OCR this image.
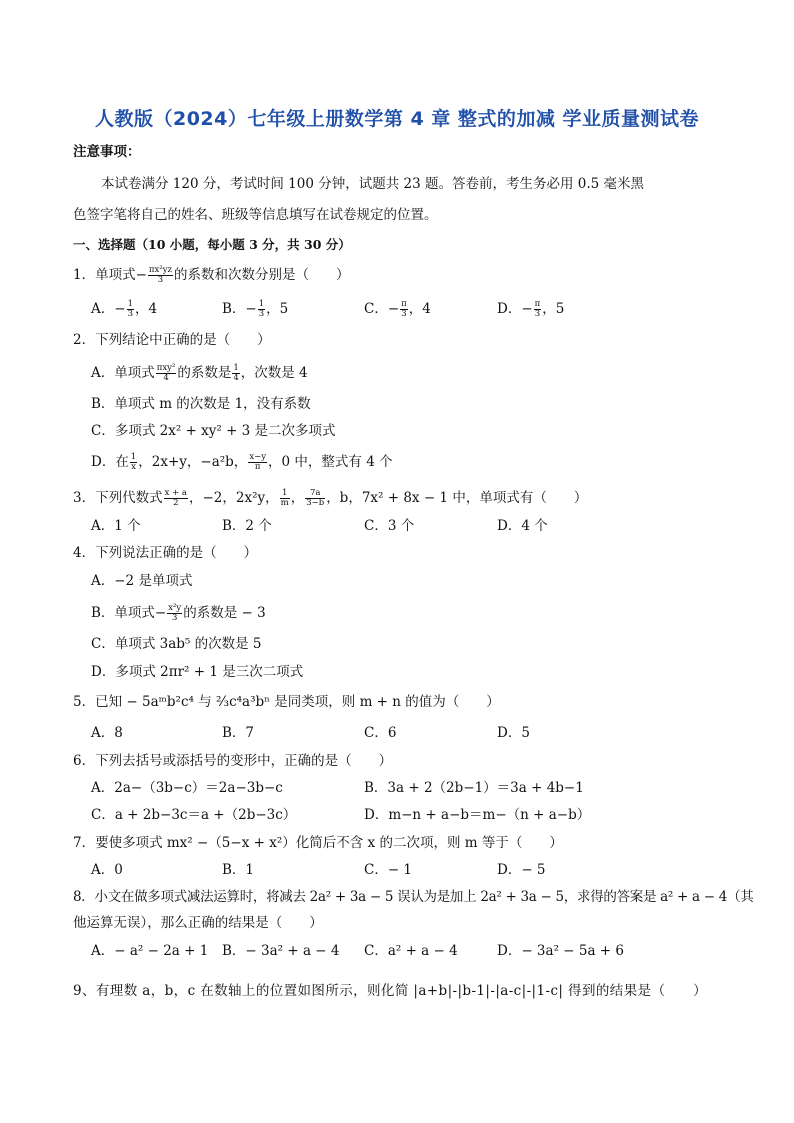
人教版（2024）七年级上册数学第 4 章 整式的加减 学业质量测试卷
注意事项：
本试卷满分 120 分，考试时间 100 分钟，试题共 23 题。答卷前，考生务必用 0.5 毫米黑
色签字笔将自己的姓名、班级等信息填写在试卷规定的位置。
一、选择题（10 小题，每小题 3 分，共 30 分）
1．单项式− $\frac{\text{πx²yz}}{3}$ 的系数和次数分别是（　　）
A．− $\frac{1}{3}$ ，4	B．− $\frac{1}{3}$ ，5	C．− $\frac{\pi}{3}$ ，4	D．− $\frac{\pi}{3}$ ，5
2．下列结论中正确的是（　　）
A．单项式 $\frac{\text{πxy²}}{4}$ 的系数是 $\frac{1}{4}$ ，次数是 4
B．单项式 m 的次数是 1，没有系数
C．多项式 2x² + xy² + 3 是二次多项式
D．在 $\frac{1}{x}$ ，2x+y，−a²b， $\frac{x-y}{\pi}$ ，0 中，整式有 4 个
3．下列代数式 $\frac{x + a}{2}$ ，−2，2x²y， $\frac{1}{m}$ ， $\frac{7a}{3-b}$ ，b，7x² + 8x − 1 中，单项式有（　　）
A．1 个	B．2 个	C．3 个	D．4 个
4．下列说法正确的是（　　）
A．−2 是单项式
B．单项式− $\frac{\text{x²y}}{3}$ 的系数是 − 3
C．单项式 3ab⁵ 的次数是 5
D．多项式 2πr² + 1 是三次二项式
5．已知 − 5aᵐb²c⁴ 与 ²⁄₃c⁴a³bⁿ 是同类项，则 m + n 的值为（　　）
A．8	B．7	C．6	D．5
6．下列去括号或添括号的变形中，正确的是（　　）
A．2a−（3b−c）＝2a−3b−c	B．3a + 2（2b−1）＝3a + 4b−1
C．a + 2b−3c＝a +（2b−3c）	D．m−n + a−b＝m−（n + a−b）
7．要使多项式 mx² −（5−x + x²）化简后不含 x 的二次项，则 m 等于（　　）
A．0	B．1	C．− 1	D．− 5
8．小文在做多项式减法运算时，将减去 2a² + 3a − 5 误认为是加上 2a² + 3a − 5，求得的答案是 a² + a − 4（其
他运算无误），那么正确的结果是（　　）
A．− a² − 2a + 1 B．− 3a² + a − 4 C．a² + a − 4	D．− 3a² − 5a + 6
9、有理数 a，b，c 在数轴上的位置如图所示，则化简 |a+b|-|b-1|-|a-c|-|1-c| 得到的结果是（　　）
